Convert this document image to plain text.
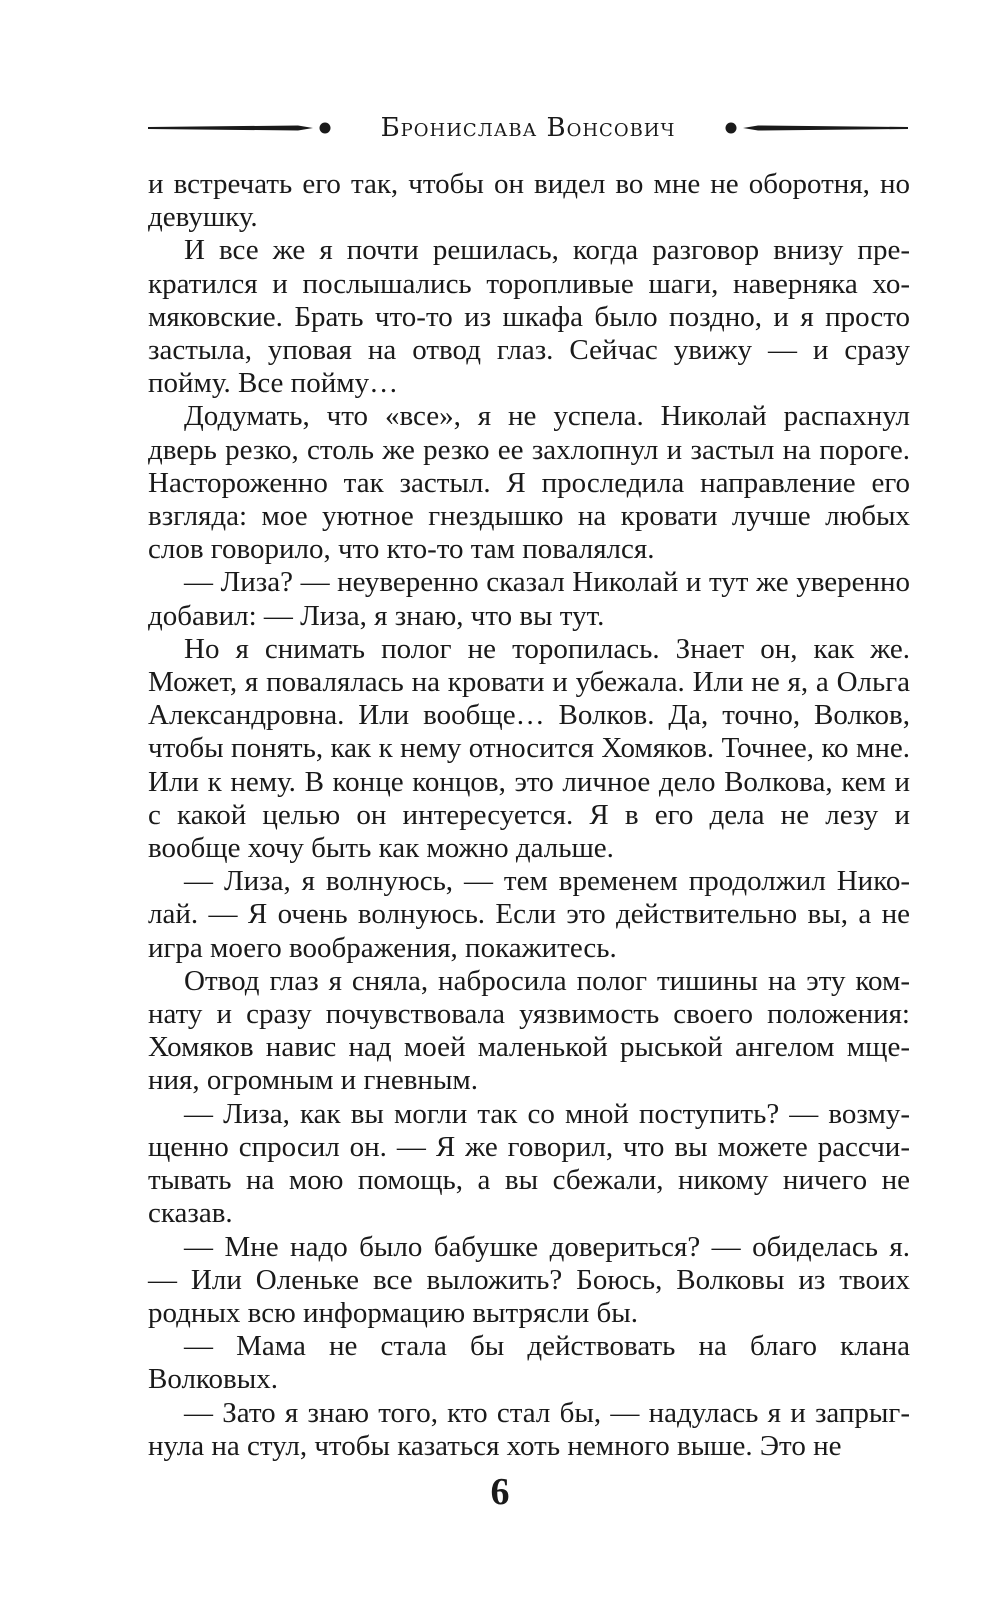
Бронислава Вонсович

и встречать его так, чтобы он видел во мне не оборотня, но девушку.

И все же я почти решилась, когда разговор внизу прекратился и послышались торопливые шаги, наверняка хомяковские. Брать что-то из шкафа было поздно, и я просто застыла, уповая на отвод глаз. Сейчас увижу — и сразу пойму. Все пойму…

Додумать, что «все», я не успела. Николай распахнул дверь резко, столь же резко ее захлопнул и застыл на пороге. Настороженно так застыл. Я проследила направление его взгляда: мое уютное гнездышко на кровати лучше любых слов говорило, что кто-то там повалялся.

— Лиза? — неуверенно сказал Николай и тут же уверенно добавил: — Лиза, я знаю, что вы тут.

Но я снимать полог не торопилась. Знает он, как же. Может, я повалялась на кровати и убежала. Или не я, а Ольга Александровна. Или вообще… Волков. Да, точно, Волков, чтобы понять, как к нему относится Хомяков. Точнее, ко мне. Или к нему. В конце концов, это личное дело Волкова, кем и с какой целью он интересуется. Я в его дела не лезу и вообще хочу быть как можно дальше.

— Лиза, я волнуюсь, — тем временем продолжил Николай. — Я очень волнуюсь. Если это действительно вы, а не игра моего воображения, покажитесь.

Отвод глаз я сняла, набросила полог тишины на эту комнату и сразу почувствовала уязвимость своего положения: Хомяков навис над моей маленькой рыськой ангелом мщения, огромным и гневным.

— Лиза, как вы могли так со мной поступить? — возмущенно спросил он. — Я же говорил, что вы можете рассчитывать на мою помощь, а вы сбежали, никому ничего не сказав.

— Мне надо было бабушке довериться? — обиделась я. — Или Оленьке все выложить? Боюсь, Волковы из твоих родных всю информацию вытрясли бы.

— Мама не стала бы действовать на благо клана Волковых.

— Зато я знаю того, кто стал бы, — надулась я и запрыгнула на стул, чтобы казаться хоть немного выше. Это не

6
